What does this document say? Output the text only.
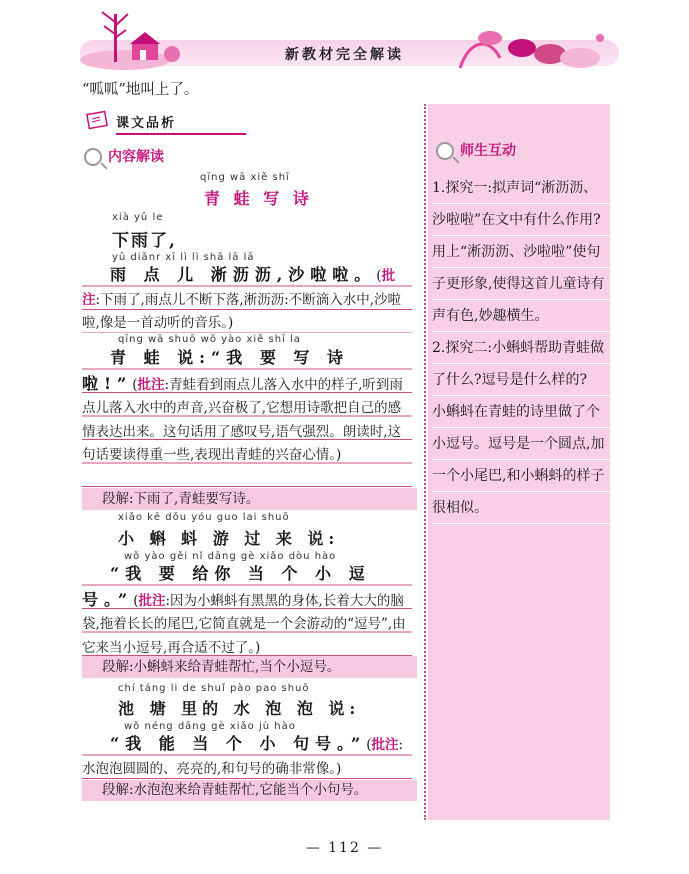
新教材完全解读
“呱呱”地叫上了。
课文品析
内容解读
qīng wā xiě shī
青 蛙 写 诗
xià yǔ le
下雨了,
yǔ diǎnr xī lì lì shā lā lā
雨 点 儿 淅沥沥,沙啦啦。(批注:下雨了,雨点儿不断下落,淅沥沥:不断滴入水中,沙啦啦,像是一首动听的音乐。)
qīng wā shuō wǒ yào xiě shī la
青 蛙 说:“我 要 写 诗 啦!”(批注:青蛙看到雨点儿落入水中的样子,听到雨点儿落入水中的声音,兴奋极了,它想用诗歌把自己的感情表达出来。这句话用了感叹号,语气强烈。朗读时,这句话要读得重一些,表现出青蛙的兴奋心情。)
段解:下雨了,青蛙要写诗。
xiǎo kē dǒu yóu guo lai shuō
小 蝌 蚪 游 过 来 说:
wǒ yào gěi nǐ dāng gè xiǎo dòu hào
“我 要 给你 当 个 小 逗 号。”(批注:因为小蝌蚪有黑黑的身体,长着大大的脑袋,拖着长长的尾巴,它简直就是一个会游动的“逗号”,由它来当小逗号,再合适不过了。)
段解:小蝌蚪来给青蛙帮忙,当个小逗号。
chí táng li de shuǐ pào pao shuō
池 塘 里的 水 泡 泡 说:
wǒ néng dāng gè xiǎo jù hào
“我 能 当 个 小 句号。”(批注:水泡泡圆圆的、亮亮的,和句号的确非常像。)
段解:水泡泡来给青蛙帮忙,它能当个小句号。
师生互动
1.探究一:拟声词“淅沥沥、沙啦啦”在文中有什么作用?
用上“淅沥沥、沙啦啦”使句子更形象,使得这首儿童诗有声有色,妙趣横生。
2.探究二:小蝌蚪帮助青蛙做了什么?逗号是什么样的?
小蝌蚪在青蛙的诗里做了个小逗号。逗号是一个圆点,加一个小尾巴,和小蝌蚪的样子很相似。
— 112 —
